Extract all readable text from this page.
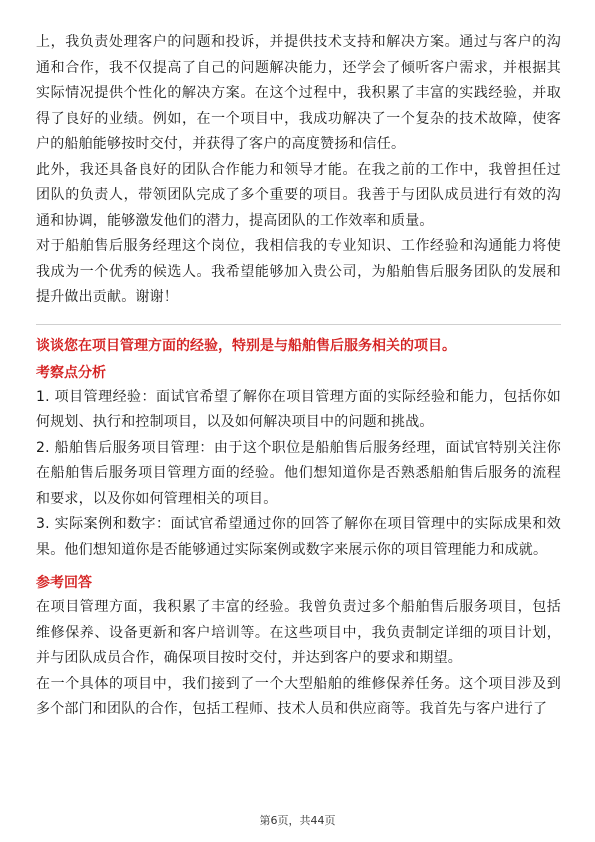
上，我负责处理客户的问题和投诉，并提供技术支持和解决方案。通过与客户的沟通和合作，我不仅提高了自己的问题解决能力，还学会了倾听客户需求，并根据其实际情况提供个性化的解决方案。在这个过程中，我积累了丰富的实践经验，并取得了良好的业绩。例如，在一个项目中，我成功解决了一个复杂的技术故障，使客户的船舶能够按时交付，并获得了客户的高度赞扬和信任。

此外，我还具备良好的团队合作能力和领导才能。在我之前的工作中，我曾担任过团队的负责人，带领团队完成了多个重要的项目。我善于与团队成员进行有效的沟通和协调，能够激发他们的潜力，提高团队的工作效率和质量。

对于船舶售后服务经理这个岗位，我相信我的专业知识、工作经验和沟通能力将使我成为一个优秀的候选人。我希望能够加入贵公司，为船舶售后服务团队的发展和提升做出贡献。谢谢！

谈谈您在项目管理方面的经验，特别是与船舶售后服务相关的项目。
考察点分析

1. 项目管理经验：面试官希望了解你在项目管理方面的实际经验和能力，包括你如何规划、执行和控制项目，以及如何解决项目中的问题和挑战。

2. 船舶售后服务项目管理：由于这个职位是船舶售后服务经理，面试官特别关注你在船舶售后服务项目管理方面的经验。他们想知道你是否熟悉船舶售后服务的流程和要求，以及你如何管理相关的项目。

3. 实际案例和数字：面试官希望通过你的回答了解你在项目管理中的实际成果和效果。他们想知道你是否能够通过实际案例或数字来展示你的项目管理能力和成就。

参考回答

在项目管理方面，我积累了丰富的经验。我曾负责过多个船舶售后服务项目，包括维修保养、设备更新和客户培训等。在这些项目中，我负责制定详细的项目计划，并与团队成员合作，确保项目按时交付，并达到客户的要求和期望。

在一个具体的项目中，我们接到了一个大型船舶的维修保养任务。这个项目涉及到多个部门和团队的合作，包括工程师、技术人员和供应商等。我首先与客户进行了

第6页，共44页
